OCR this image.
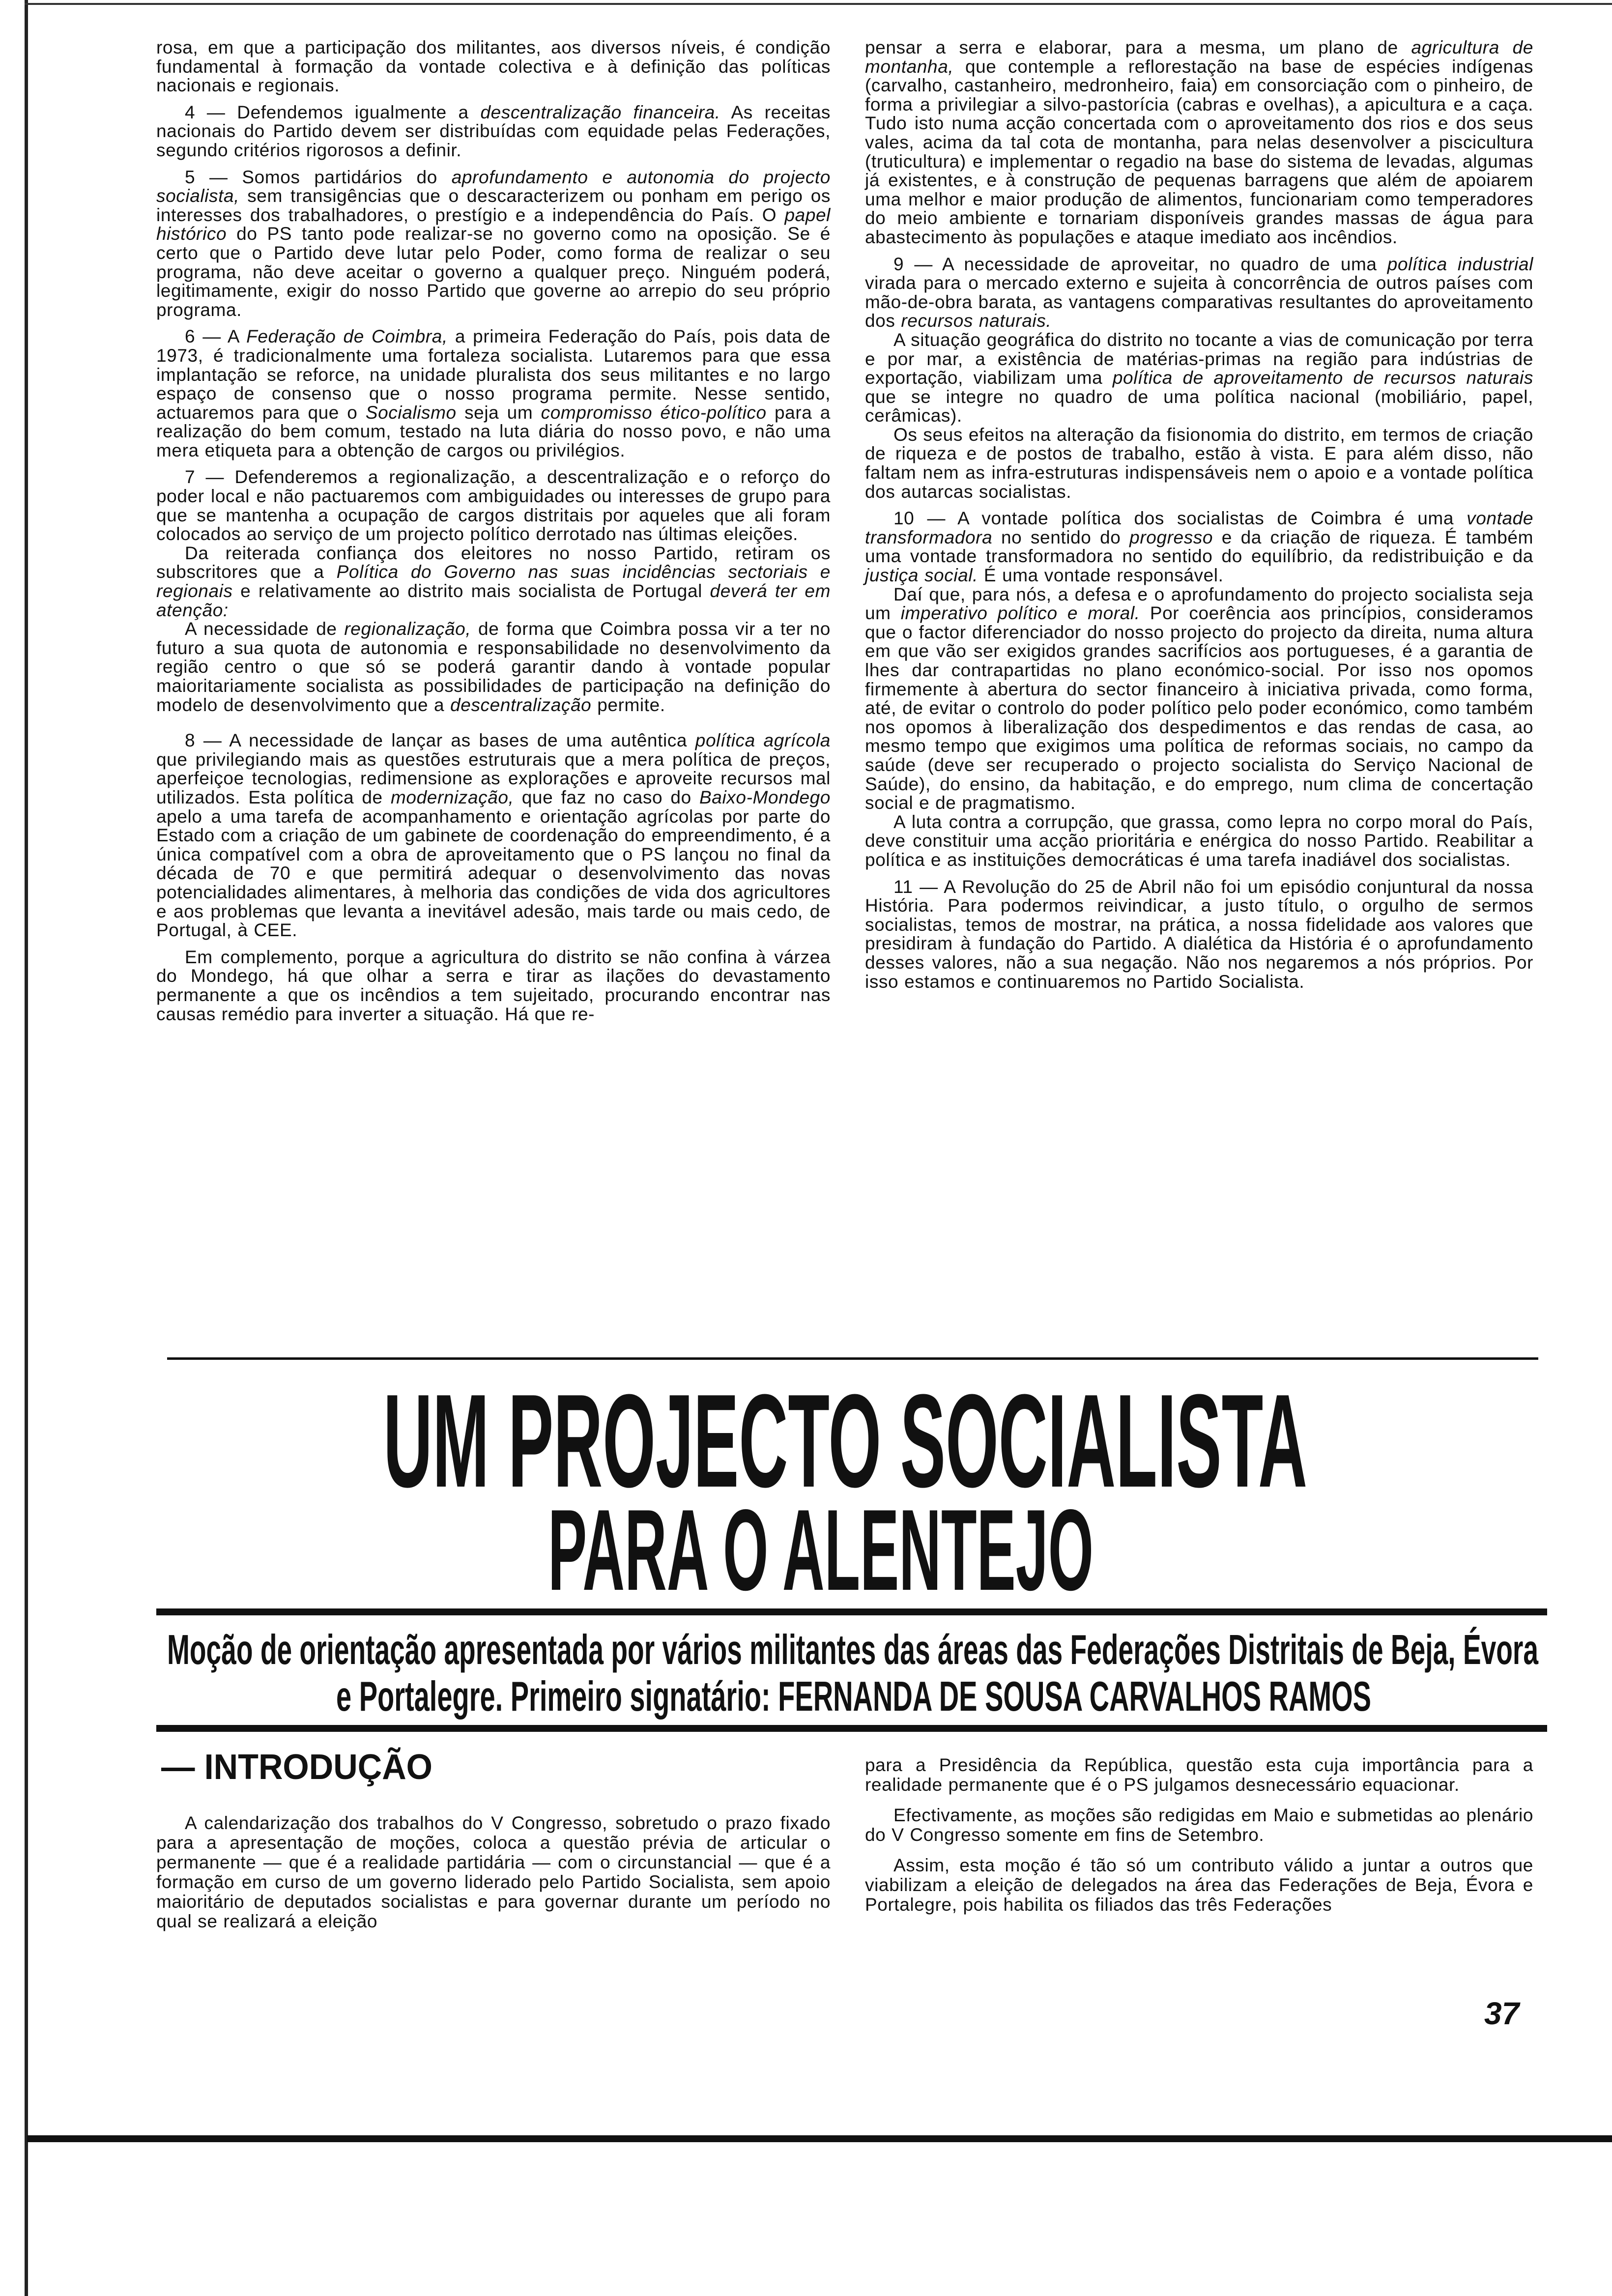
rosa, em que a participação dos militantes, aos diversos níveis, é condição fundamental à formação da vontade colectiva e à definição das políticas nacionais e regionais.

4 — Defendemos igualmente a descentralização financeira. As receitas nacionais do Partido devem ser distribuídas com equidade pelas Federações, segundo critérios rigorosos a definir.

5 — Somos partidários do aprofundamento e autonomia do projecto socialista, sem transigências que o descaracterizem ou ponham em perigo os interesses dos trabalhadores, o prestígio e a independência do País. O papel histórico do PS tanto pode realizar-se no governo como na oposição. Se é certo que o Partido deve lutar pelo Poder, como forma de realizar o seu programa, não deve aceitar o governo a qualquer preço. Ninguém poderá, legitimamente, exigir do nosso Partido que governe ao arrepio do seu próprio programa.

6 — A Federação de Coimbra, a primeira Federação do País, pois data de 1973, é tradicionalmente uma fortaleza socialista. Lutaremos para que essa implantação se reforce, na unidade pluralista dos seus militantes e no largo espaço de consenso que o nosso programa permite. Nesse sentido, actuaremos para que o Socialismo seja um compromisso ético-político para a realização do bem comum, testado na luta diária do nosso povo, e não uma mera etiqueta para a obtenção de cargos ou privilégios.

7 — Defenderemos a regionalização, a descentralização e o reforço do poder local e não pactuaremos com ambiguidades ou interesses de grupo para que se mantenha a ocupação de cargos distritais por aqueles que ali foram colocados ao serviço de um projecto político derrotado nas últimas eleições.

Da reiterada confiança dos eleitores no nosso Partido, retiram os subscritores que a Política do Governo nas suas incidências sectoriais e regionais e relativamente ao distrito mais socialista de Portugal deverá ter em atenção:

A necessidade de regionalização, de forma que Coimbra possa vir a ter no futuro a sua quota de autonomia e responsabilidade no desenvolvimento da região centro o que só se poderá garantir dando à vontade popular maioritariamente socialista as possibilidades de participação na definição do modelo de desenvolvimento que a descentralização permite.

8 — A necessidade de lançar as bases de uma autêntica política agrícola que privilegiando mais as questões estruturais que a mera política de preços, aperfeiçoe tecnologias, redimensione as explorações e aproveite recursos mal utilizados. Esta política de modernização, que faz no caso do Baixo-Mondego apelo a uma tarefa de acompanhamento e orientação agrícolas por parte do Estado com a criação de um gabinete de coordenação do empreendimento, é a única compatível com a obra de aproveitamento que o PS lançou no final da década de 70 e que permitirá adequar o desenvolvimento das novas potencialidades alimentares, à melhoria das condições de vida dos agricultores e aos problemas que levanta a inevitável adesão, mais tarde ou mais cedo, de Portugal, à CEE.

Em complemento, porque a agricultura do distrito se não confina à várzea do Mondego, há que olhar a serra e tirar as ilações do devastamento permanente a que os incêndios a tem sujeitado, procurando encontrar nas causas remédio para inverter a situação. Há que re-

pensar a serra e elaborar, para a mesma, um plano de agricultura de montanha, que contemple a reflorestação na base de espécies indígenas (carvalho, castanheiro, medronheiro, faia) em consorciação com o pinheiro, de forma a privilegiar a silvo-pastorícia (cabras e ovelhas), a apicultura e a caça. Tudo isto numa acção concertada com o aproveitamento dos rios e dos seus vales, acima da tal cota de montanha, para nelas desenvolver a piscicultura (truticultura) e implementar o regadio na base do sistema de levadas, algumas já existentes, e à construção de pequenas barragens que além de apoiarem uma melhor e maior produção de alimentos, funcionariam como temperadores do meio ambiente e tornariam disponíveis grandes massas de água para abastecimento às populações e ataque imediato aos incêndios.

9 — A necessidade de aproveitar, no quadro de uma política industrial virada para o mercado externo e sujeita à concorrência de outros países com mão-de-obra barata, as vantagens comparativas resultantes do aproveitamento dos recursos naturais.

A situação geográfica do distrito no tocante a vias de comunicação por terra e por mar, a existência de matérias-primas na região para indústrias de exportação, viabilizam uma política de aproveitamento de recursos naturais que se integre no quadro de uma política nacional (mobiliário, papel, cerâmicas).

Os seus efeitos na alteração da fisionomia do distrito, em termos de criação de riqueza e de postos de trabalho, estão à vista. E para além disso, não faltam nem as infra-estruturas indispensáveis nem o apoio e a vontade política dos autarcas socialistas.

10 — A vontade política dos socialistas de Coimbra é uma vontade transformadora no sentido do progresso e da criação de riqueza. É também uma vontade transformadora no sentido do equilíbrio, da redistribuição e da justiça social. É uma vontade responsável.

Daí que, para nós, a defesa e o aprofundamento do projecto socialista seja um imperativo político e moral. Por coerência aos princípios, consideramos que o factor diferenciador do nosso projecto do projecto da direita, numa altura em que vão ser exigidos grandes sacrifícios aos portugueses, é a garantia de lhes dar contrapartidas no plano económico-social. Por isso nos opomos firmemente à abertura do sector financeiro à iniciativa privada, como forma, até, de evitar o controlo do poder político pelo poder económico, como também nos opomos à liberalização dos despedimentos e das rendas de casa, ao mesmo tempo que exigimos uma política de reformas sociais, no campo da saúde (deve ser recuperado o projecto socialista do Serviço Nacional de Saúde), do ensino, da habitação, e do emprego, num clima de concertação social e de pragmatismo.

A luta contra a corrupção, que grassa, como lepra no corpo moral do País, deve constituir uma acção prioritária e enérgica do nosso Partido. Reabilitar a política e as instituições democráticas é uma tarefa inadiável dos socialistas.

11 — A Revolução do 25 de Abril não foi um episódio conjuntural da nossa História. Para podermos reivindicar, a justo título, o orgulho de sermos socialistas, temos de mostrar, na prática, a nossa fidelidade aos valores que presidiram à fundação do Partido. A dialética da História é o aprofundamento desses valores, não a sua negação. Não nos negaremos a nós próprios. Por isso estamos e continuaremos no Partido Socialista.

UM PROJECTO SOCIALISTA
PARA O ALENTEJO
Moção de orientação apresentada por vários militantes das áreas das Federações Distritais de Beja, Évora
e Portalegre. Primeiro signatário: FERNANDA DE SOUSA CARVALHOS RAMOS
— INTRODUÇÃO

A calendarização dos trabalhos do V Congresso, sobretudo o prazo fixado para a apresentação de moções, coloca a questão prévia de articular o permanente — que é a realidade partidária — com o circunstancial — que é a formação em curso de um governo liderado pelo Partido Socialista, sem apoio maioritário de deputados socialistas e para governar durante um período no qual se realizará a eleição

para a Presidência da República, questão esta cuja importância para a realidade permanente que é o PS julgamos desnecessário equacionar.

Efectivamente, as moções são redigidas em Maio e submetidas ao plenário do V Congresso somente em fins de Setembro.

Assim, esta moção é tão só um contributo válido a juntar a outros que viabilizam a eleição de delegados na área das Federações de Beja, Évora e Portalegre, pois habilita os filiados das três Federações

37
